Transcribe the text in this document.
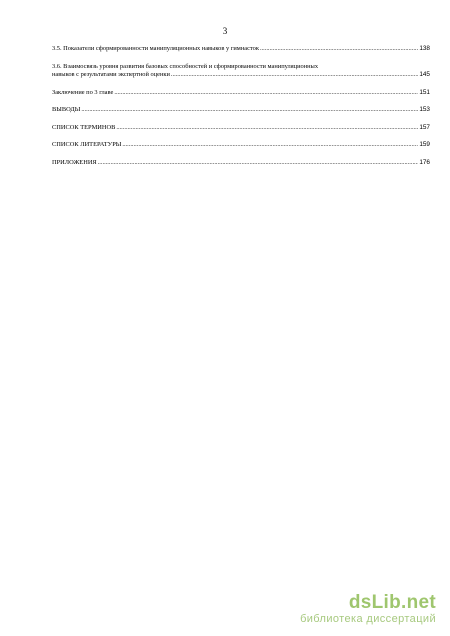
3
3.5. Показатели сформированности манипуляционных навыков у гимнасток .....	138
3.6. Взаимосвязь уровня развития базовых способностей и сформированности манипуляционных
навыков с результатами экспертной оценки .....	145
Заключение по 3 главе .....	151
ВЫВОДЫ .....	153
СПИСОК ТЕРМИНОВ .....	157
СПИСОК ЛИТЕРАТУРЫ .....	159
ПРИЛОЖЕНИЯ .....	176
dsLib.net
библиотека диссертаций
